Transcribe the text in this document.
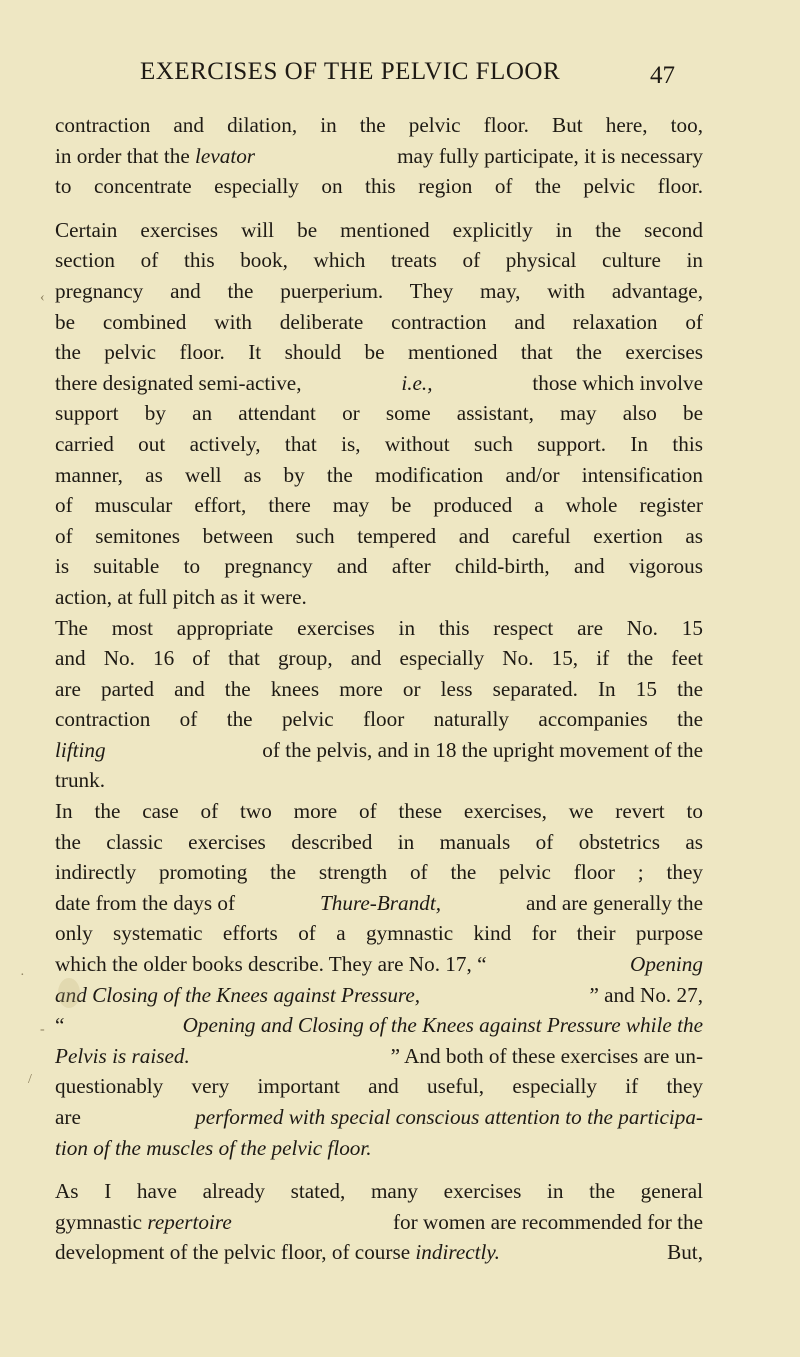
EXERCISES OF THE PELVIC FLOOR	47
contraction and dilation, in the pelvic floor. But here, too,
in order that the levator	may fully participate, it is necessary
to concentrate especially on this region of the pelvic floor.
Certain exercises will be mentioned explicitly in the second
section of this book, which treats of physical culture in
pregnancy and the puerperium. They may, with advantage,
be combined with deliberate contraction and relaxation of
the pelvic floor. It should be mentioned that the exercises
there designated semi-active,	i.e.,	those which involve
support by an attendant or some assistant, may also be
carried out actively, that is, without such support. In this
manner, as well as by the modification and/or intensification
of muscular effort, there may be produced a whole register
of semitones between such tempered and careful exertion as
is suitable to pregnancy and after child-birth, and vigorous
action, at full pitch as it were.
The most appropriate exercises in this respect are No. 15
and No. 16 of that group, and especially No. 15, if the feet
are parted and the knees more or less separated. In 15 the
contraction of the pelvic floor naturally accompanies the
lifting	of the pelvis, and in 18 the upright movement of the
trunk.
In the case of two more of these exercises, we revert to
the classic exercises described in manuals of obstetrics as
indirectly promoting the strength of the pelvic floor ; they
date from the days of	Thure-Brandt,	and are generally the
only systematic efforts of a gymnastic kind for their purpose
which the older books describe. They are No. 17, “	Opening
and Closing of the Knees against Pressure,	” and No. 27,
“	Opening and Closing of the Knees against Pressure while the
Pelvis is raised.	” And both of these exercises are un-
questionably very important and useful, especially if they
are	performed with special conscious attention to the participa-
tion of the muscles of the pelvic floor.
As I have already stated, many exercises in the general
gymnastic repertoire	for women are recommended for the
development of the pelvic floor, of course indirectly.	But,
‹
·
-
/
